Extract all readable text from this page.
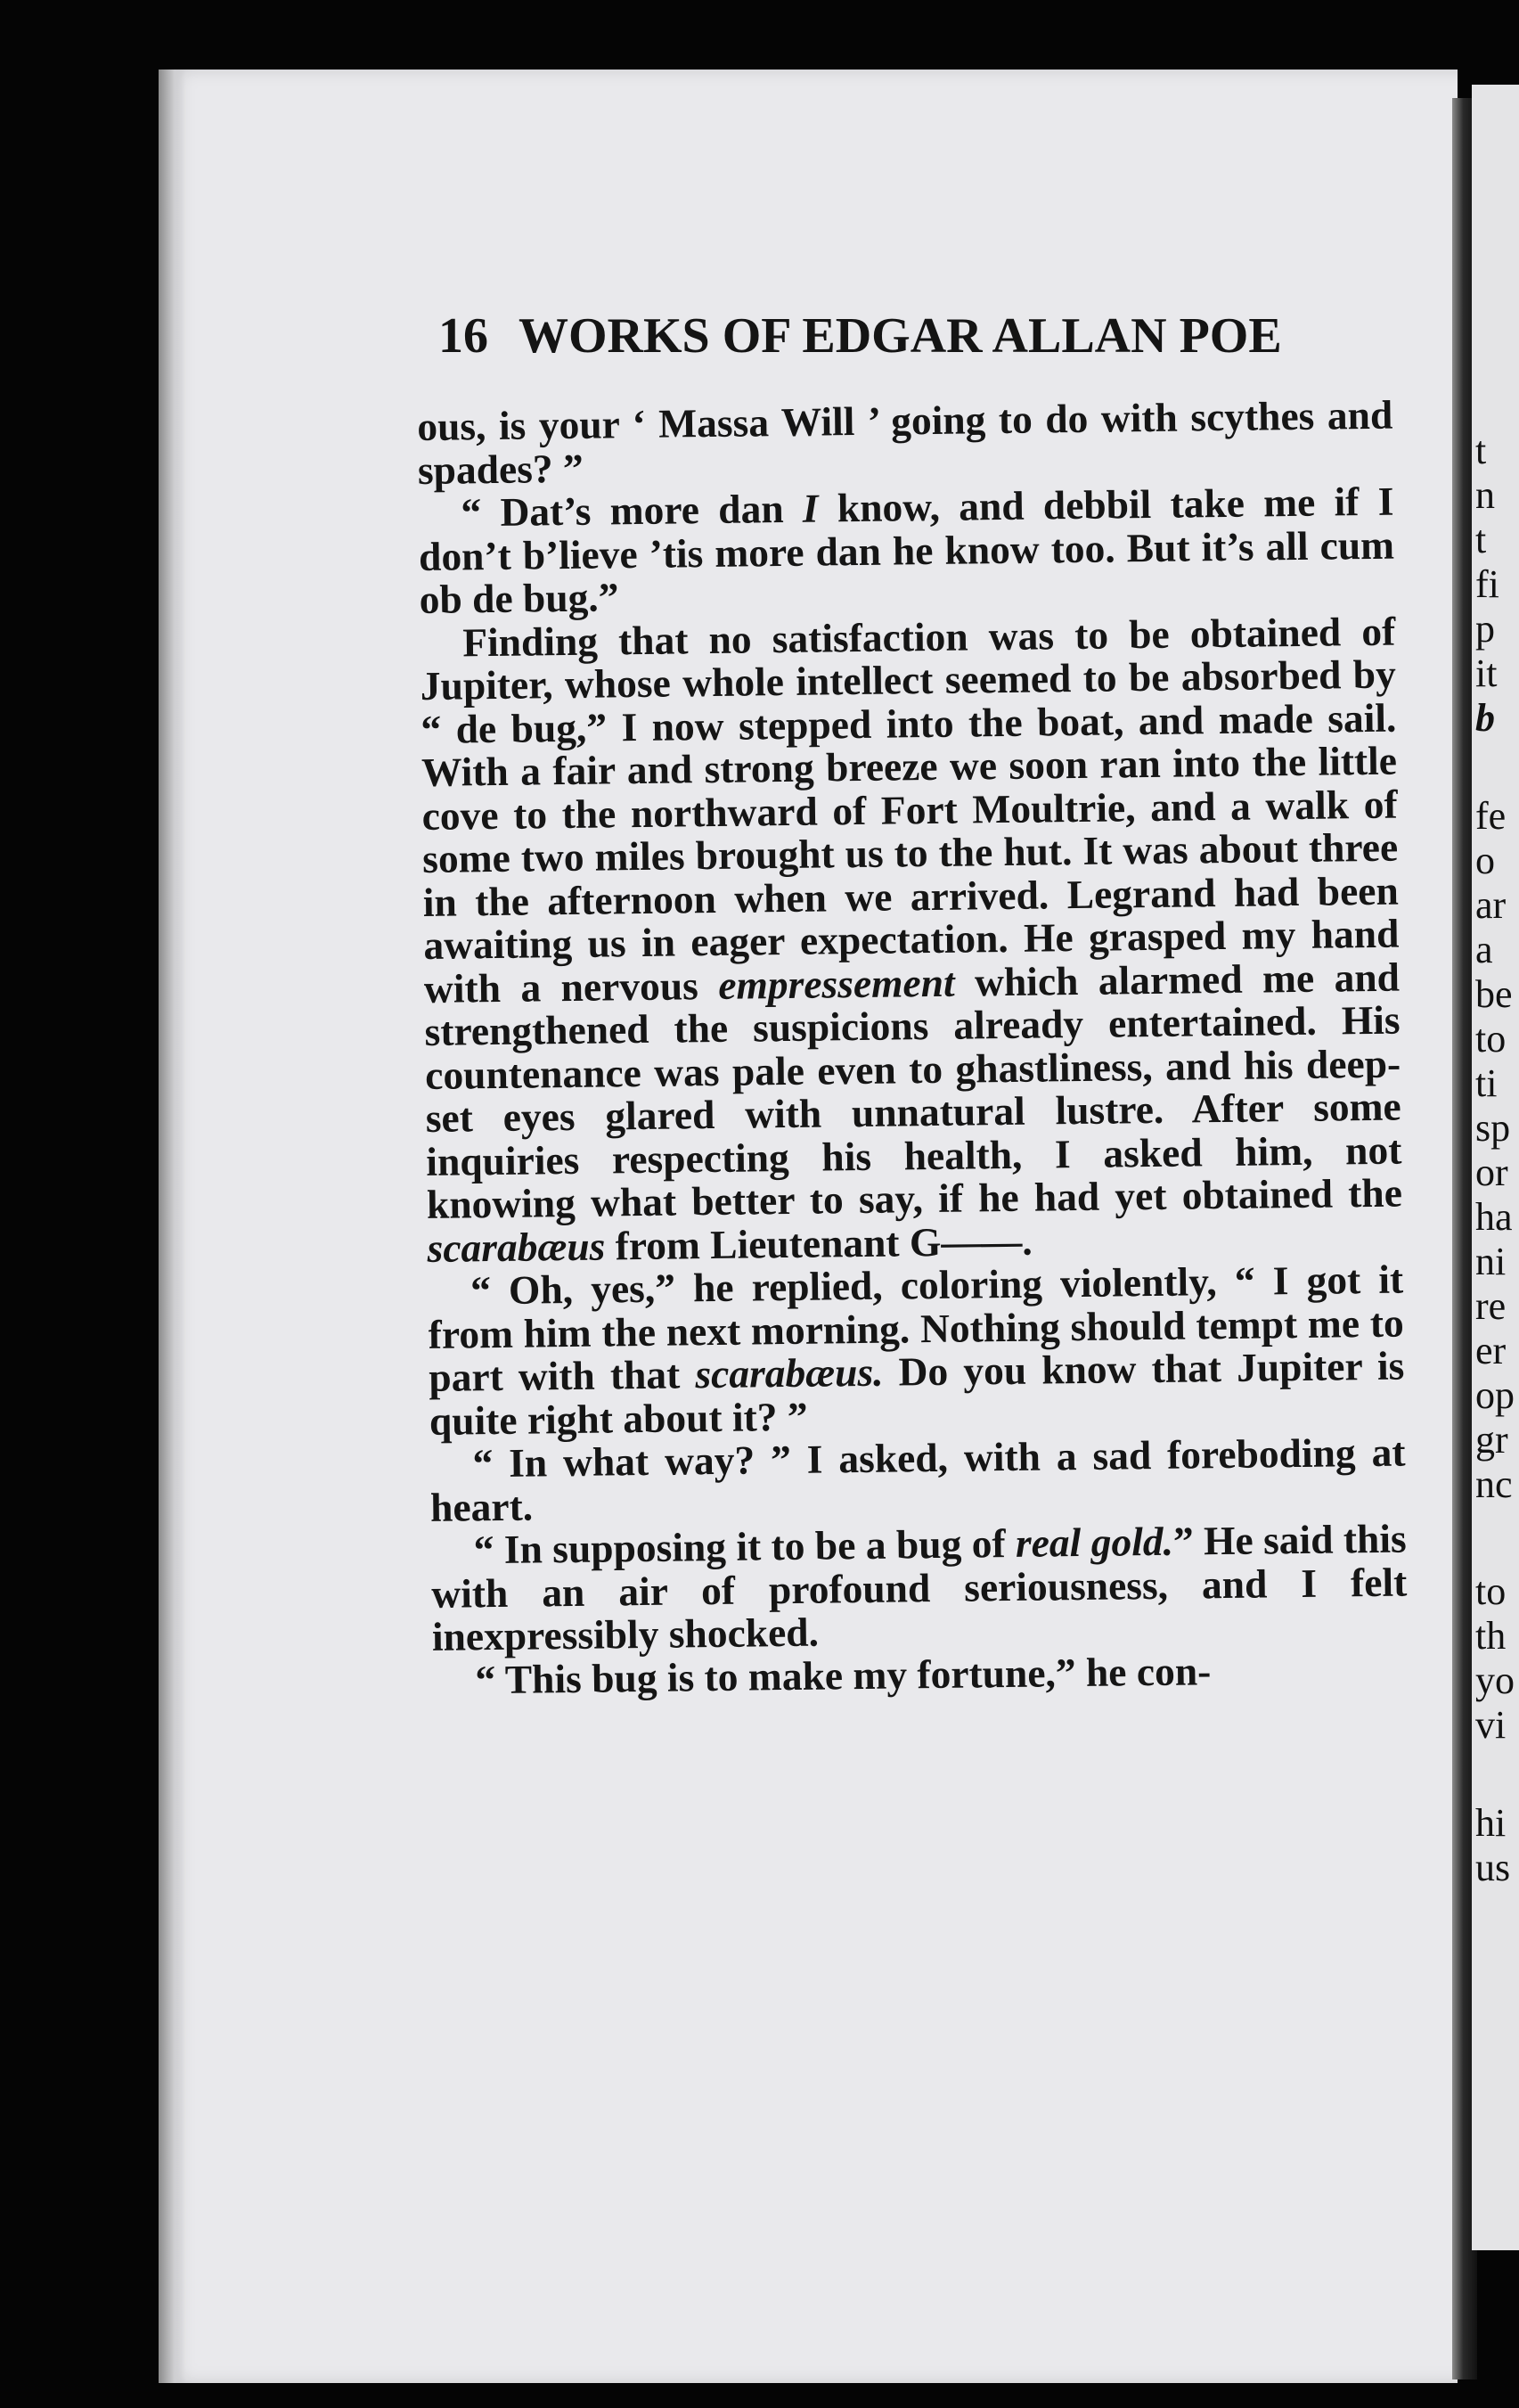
t
n
t
fi
p
it
b
fe
o
ar
a
be
to
ti
sp
or
ha
ni
re
er
op
gr
nc
to
th
yo
vi
hi
us
16 WORKS OF EDGAR ALLAN POE

ous, is your ‘ Massa Will ’ going to do with scythes and spades? ”

“ Dat’s more dan I know, and debbil take me if I don’t b’lieve ’tis more dan he know too. But it’s all cum ob de bug.”

Finding that no satisfaction was to be obtained of Jupiter, whose whole intellect seemed to be absorbed by “ de bug,” I now stepped into the boat, and made sail. With a fair and strong breeze we soon ran into the little cove to the northward of Fort Moultrie, and a walk of some two miles brought us to the hut. It was about three in the afternoon when we arrived. Legrand had been awaiting us in eager expectation. He grasped my hand with a nervous empressement which alarmed me and strengthened the suspicions already entertained. His countenance was pale even to ghastliness, and his deep-set eyes glared with unnatural lustre. After some inquiries respecting his health, I asked him, not knowing what better to say, if he had yet obtained the scarabæus from Lieutenant G——.

“ Oh, yes,” he replied, coloring violently, “ I got it from him the next morning. Nothing should tempt me to part with that scarabæus. Do you know that Jupiter is quite right about it? ”

“ In what way? ” I asked, with a sad foreboding at heart.

“ In supposing it to be a bug of real gold.” He said this with an air of profound seriousness, and I felt inexpressibly shocked.

“ This bug is to make my fortune,” he con-
